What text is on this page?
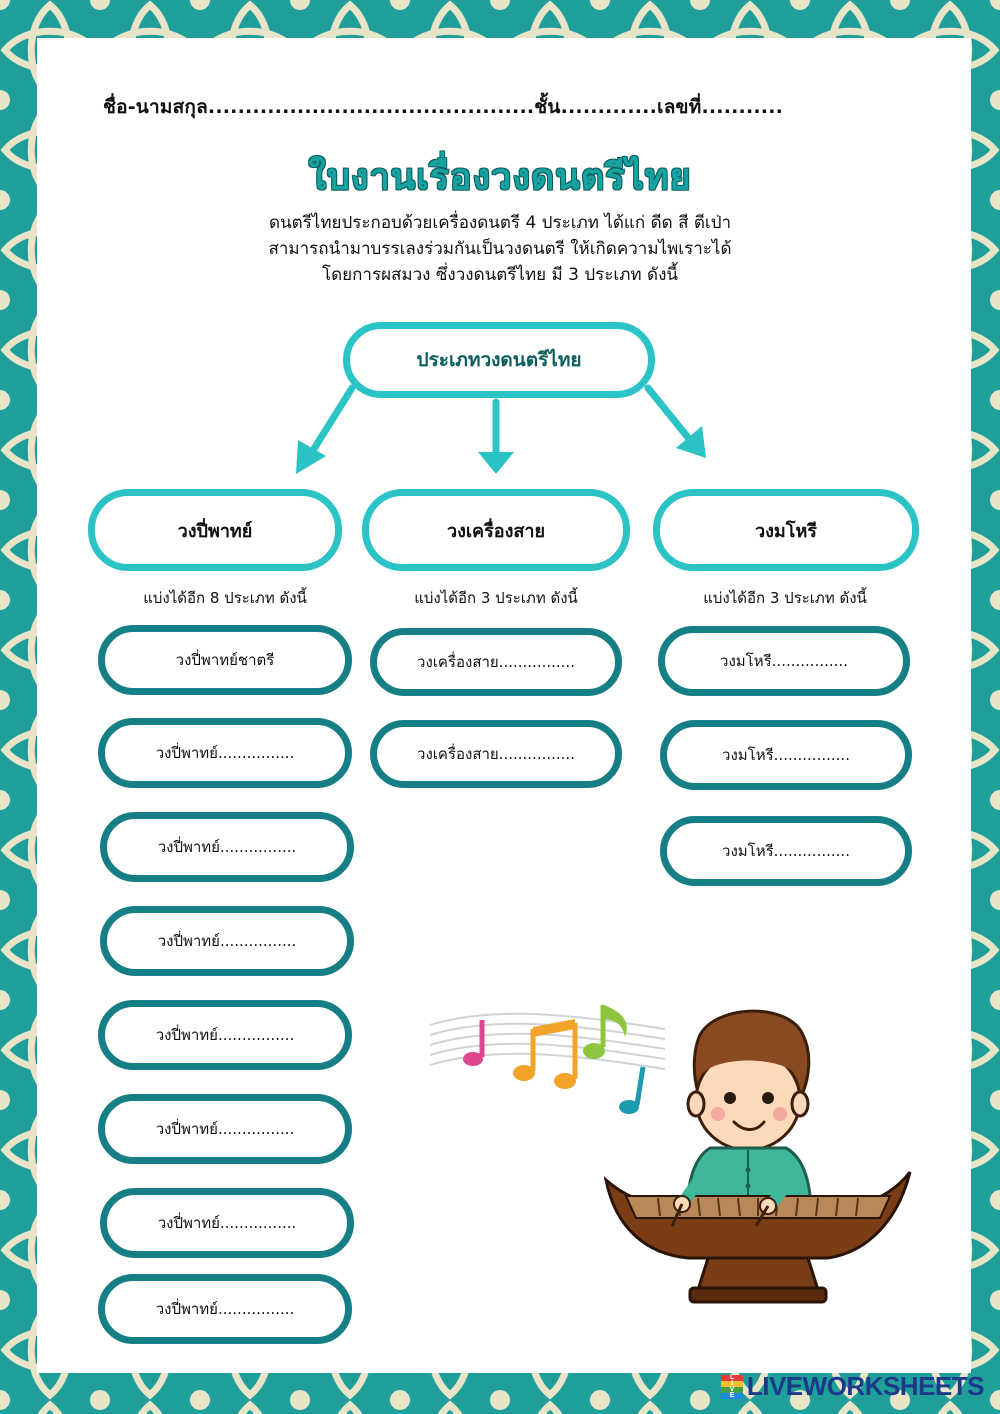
ชื่อ-นามสกุล............................................ชั้น.............เลขที่...........
ใบงานเรื่องวงดนตรีไทย
ดนตรีไทยประกอบด้วยเครื่องดนตรี 4 ประเภท ได้แก่ ดีด สี ตีเป่า
สามารถนำมาบรรเลงร่วมกันเป็นวงดนตรี ให้เกิดความไพเราะได้
โดยการผสมวง ซึ่งวงดนตรีไทย มี 3 ประเภท ดังนี้
ประเภทวงดนตรีไทย
วงปี่พาทย์	วงเครื่องสาย	วงมโหรี
แบ่งได้อีก 8 ประเภท ดังนี้	แบ่งได้อีก 3 ประเภท ดังนี้	แบ่งได้อีก 3 ประเภท ดังนี้
วงปี่พาทย์ชาตรี
วงปี่พาทย์................
วงปี่พาทย์................
วงปี่พาทย์................
วงปี่พาทย์................
วงปี่พาทย์................
วงปี่พาทย์................
วงปี่พาทย์................
วงเครื่องสาย................
วงเครื่องสาย................
วงมโหรี................
วงมโหรี................
วงมโหรี................
L
I
V
E LIVEWORKSHEETS
